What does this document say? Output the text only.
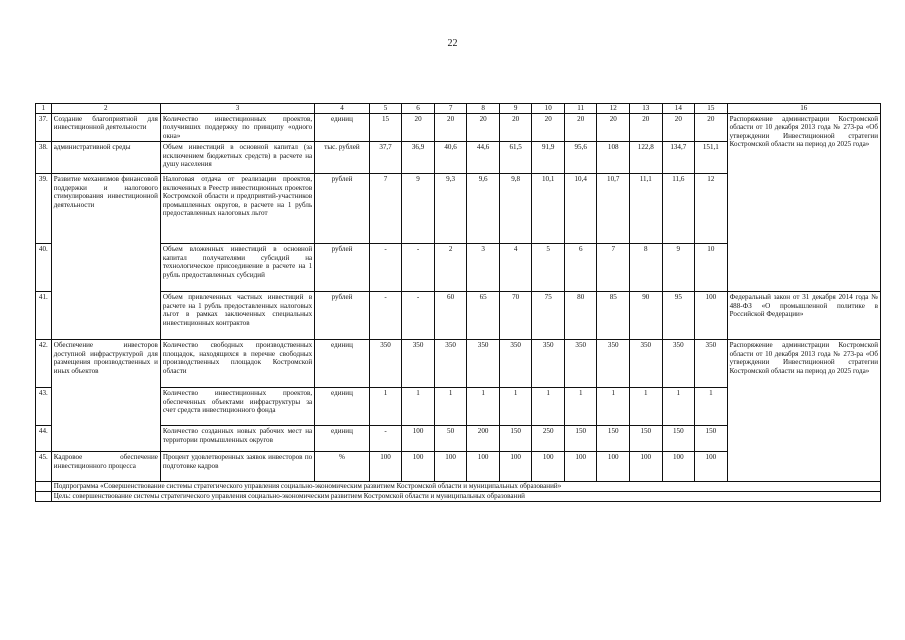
22
1	2	3	4	5	6	7	8	9	10	11	12	13	14	15	16
37.	Создание благоприятной для инвестиционной деятельности	Количество инвестиционных проектов, получивших поддержку по принципу «одного окна»	единиц	15	20	20	20	20	20	20	20	20	20	20	Распоряжение администрации Костромской области от 10 декабря 2013 года № 273-ра «Об утверждении Инвестиционной стратегии Костромской области на период до 2025 года»
38.	административной среды	Объем инвестиций в основной капитал (за исключением бюджетных средств) в расчете на душу населения	тыс. рублей	37,7	36,9	40,6	44,6	61,5	91,9	95,6	108	122,8	134,7	151,1	
39.	Развитие механизмов финансовой поддержки и налогового стимулирования инвестиционной деятельности	Налоговая отдача от реализации проектов, включенных в Реестр инвестиционных проектов Костромской области и предприятий-участников промышленных округов, в расчете на 1 рубль предоставленных налоговых льгот	рублей	7	9	9,3	9,6	9,8	10,1	10,4	10,7	11,1	11,6	12	
40.		Объем вложенных инвестиций в основной капитал получателями субсидий на технологическое присоединение в расчете на 1 рубль предоставленных субсидий	рублей	-	-	2	3	4	5	6	7	8	9	10	
41.		Объем привлеченных частных инвестиций в расчете на 1 рубль предоставленных налоговых льгот в рамках заключенных специальных инвестиционных контрактов	рублей	-	-	60	65	70	75	80	85	90	95	100	Федеральный закон от 31 декабря 2014 года № 488-ФЗ «О промышленной политике в Российской Федерации»
42.	Обеспечение инвесторов доступной инфраструктурой для размещения производственных и иных объектов	Количество свободных производственных площадок, находящихся в перечне свободных производственных площадок Костромской области	единиц	350	350	350	350	350	350	350	350	350	350	350	Распоряжение администрации Костромской области от 10 декабря 2013 года № 273-ра «Об утверждении Инвестиционной стратегии Костромской области на период до 2025 года»
43.		Количество инвестиционных проектов, обеспеченных объектами инфраструктуры за счет средств инвестиционного фонда	единиц	1	1	1	1	1	1	1	1	1	1	1	
44.		Количество созданных новых рабочих мест на территории промышленных округов	единиц	-	100	50	200	150	250	150	150	150	150	150	
45.	Кадровое обеспечение инвестиционного процесса	Процент удовлетворенных заявок инвесторов по подготовке кадров	%	100	100	100	100	100	100	100	100	100	100	100	
	Подпрограмма «Совершенствование системы стратегического управления социально-экономическим развитием Костромской области и муниципальных образований»														
	Цель: совершенствование системы стратегического управления социально-экономическим развитием Костромской области и муниципальных образований														
